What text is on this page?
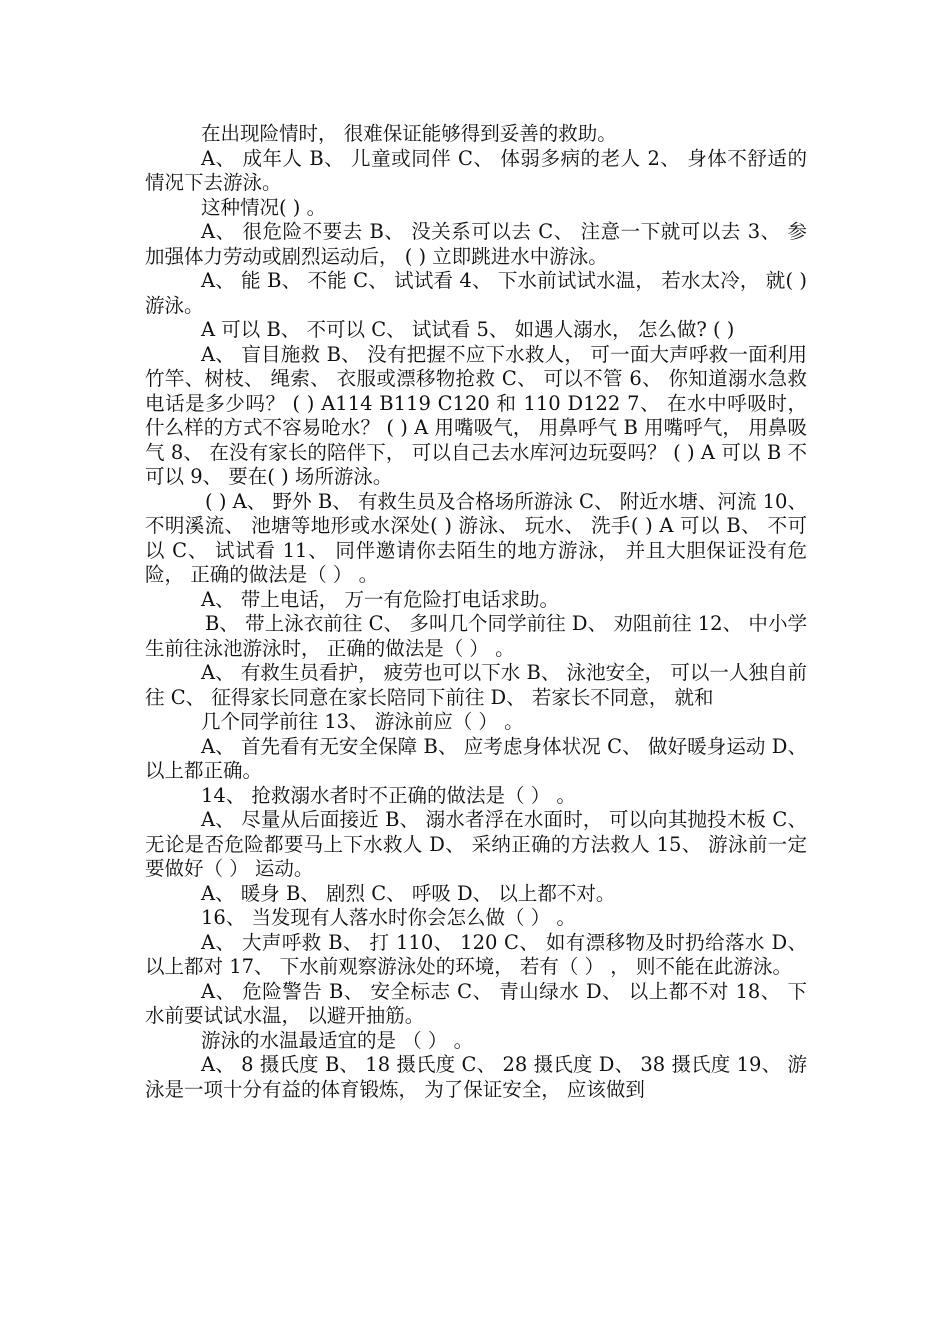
在出现险情时， 很难保证能够得到妥善的救助。

A、 成年人 B、 儿童或同伴 C、 体弱多病的老人 2、 身体不舒适的情况下去游泳。

这种情况( ) 。

A、 很危险不要去 B、 没关系可以去 C、 注意一下就可以去 3、 参加强体力劳动或剧烈运动后， ( ) 立即跳进水中游泳。

A、 能 B、 不能 C、 试试看 4、 下水前试试水温， 若水太冷， 就( ) 游泳。

A 可以 B、 不可以 C、 试试看 5、 如遇人溺水， 怎么做? ( )

A、 盲目施救 B、 没有把握不应下水救人， 可一面大声呼救一面利用竹竿、树枝、 绳索、 衣服或漂移物抢救 C、 可以不管 6、 你知道溺水急救电话是多少吗？ ( ) A114 B119 C120 和 110 D122 7、 在水中呼吸时， 什么样的方式不容易呛水？ ( ) A 用嘴吸气， 用鼻呼气 B 用嘴呼气， 用鼻吸气 8、 在没有家长的陪伴下， 可以自己去水库河边玩耍吗？ ( ) A 可以 B 不可以 9、 要在( ) 场所游泳。

( ) A、 野外 B、 有救生员及合格场所游泳 C、 附近水塘、河流 10、 不明溪流、 池塘等地形或水深处( ) 游泳、 玩水、 洗手( ) A 可以 B、 不可以 C、 试试看 11、 同伴邀请你去陌生的地方游泳， 并且大胆保证没有危险， 正确的做法是（ ） 。

A、 带上电话， 万一有危险打电话求助。

B、 带上泳衣前往 C、 多叫几个同学前往 D、 劝阻前往 12、 中小学生前往泳池游泳时， 正确的做法是（ ） 。

A、 有救生员看护， 疲劳也可以下水 B、 泳池安全， 可以一人独自前往 C、 征得家长同意在家长陪同下前往 D、 若家长不同意， 就和

几个同学前往 13、 游泳前应（ ） 。

A、 首先看有无安全保障 B、 应考虑身体状况 C、 做好暖身运动 D、 以上都正确。

14、 抢救溺水者时不正确的做法是（ ） 。

A、 尽量从后面接近 B、 溺水者浮在水面时， 可以向其抛投木板 C、 无论是否危险都要马上下水救人 D、 采纳正确的方法救人 15、 游泳前一定要做好（ ） 运动。

A、 暖身 B、 剧烈 C、 呼吸 D、 以上都不对。

16、 当发现有人落水时你会怎么做（ ） 。

A、 大声呼救 B、 打 110、 120 C、 如有漂移物及时扔给落水 D、 以上都对 17、 下水前观察游泳处的环境， 若有（ ） ， 则不能在此游泳。

A、 危险警告 B、 安全标志 C、 青山绿水 D、 以上都不对 18、 下水前要试试水温， 以避开抽筋。

游泳的水温最适宜的是 （ ） 。

A、 8 摄氏度 B、 18 摄氏度 C、 28 摄氏度 D、 38 摄氏度 19、 游泳是一项十分有益的体育锻炼， 为了保证安全， 应该做到
